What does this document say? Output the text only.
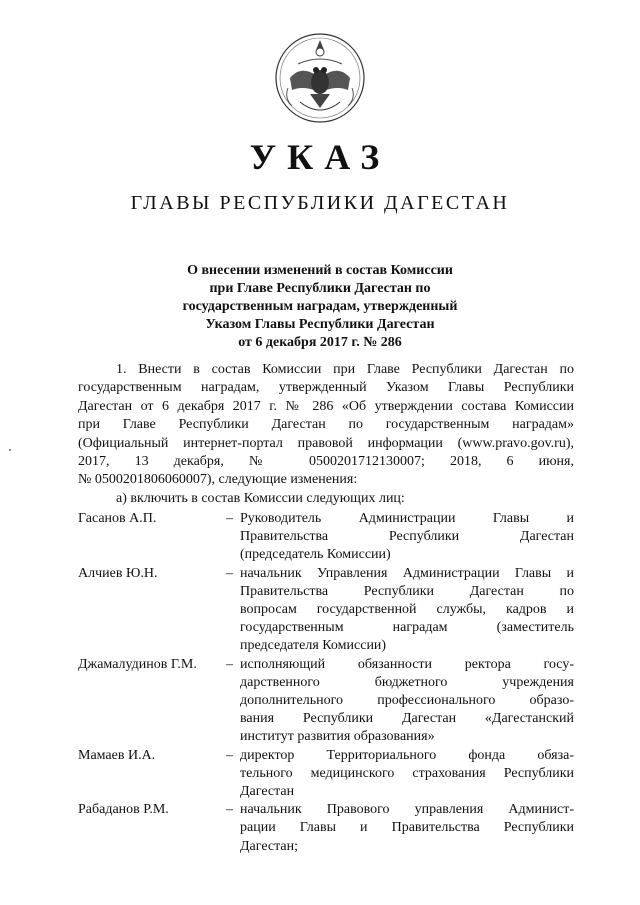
УКАЗ
ГЛАВЫ РЕСПУБЛИКИ ДАГЕСТАН
О внесении изменений в состав Комиссии
при Главе Республики Дагестан по
государственным наградам, утвержденный
Указом Главы Республики Дагестан
от 6 декабря 2017 г. № 286

1. Внести в состав Комиссии при Главе Республики Дагестан по

государственным наградам, утвержденный Указом Главы Республики

Дагестан от 6 декабря 2017 г. № 286 «Об утверждении состава Комиссии

при Главе Республики Дагестан по государственным наградам»

(Официальный интернет-портал правовой информации (www.pravo.gov.ru),

2017, 13 декабря, № 0500201712130007; 2018, 6 июня,

№ 0500201806060007), следующие изменения:

а) включить в состав Комиссии следующих лиц:

Гасанов А.П.	– Руководитель Администрации Главы и
Правительства Республики Дагестан
(председатель Комиссии)
Алчиев Ю.Н.	– начальник Управления Администрации Главы и
Правительства Республики Дагестан по
вопросам государственной службы, кадров и
государственным наградам (заместитель
председателя Комиссии)
Джамалудинов Г.М.	– исполняющий обязанности ректора госу-
дарственного бюджетного учреждения
дополнительного профессионального образо-
вания Республики Дагестан «Дагестанский
институт развития образования»
Мамаев И.А.	– директор Территориального фонда обяза-
тельного медицинского страхования Республики
Дагестан
Рабаданов Р.М.	– начальник Правового управления Админист-
рации Главы и Правительства Республики
Дагестан;
